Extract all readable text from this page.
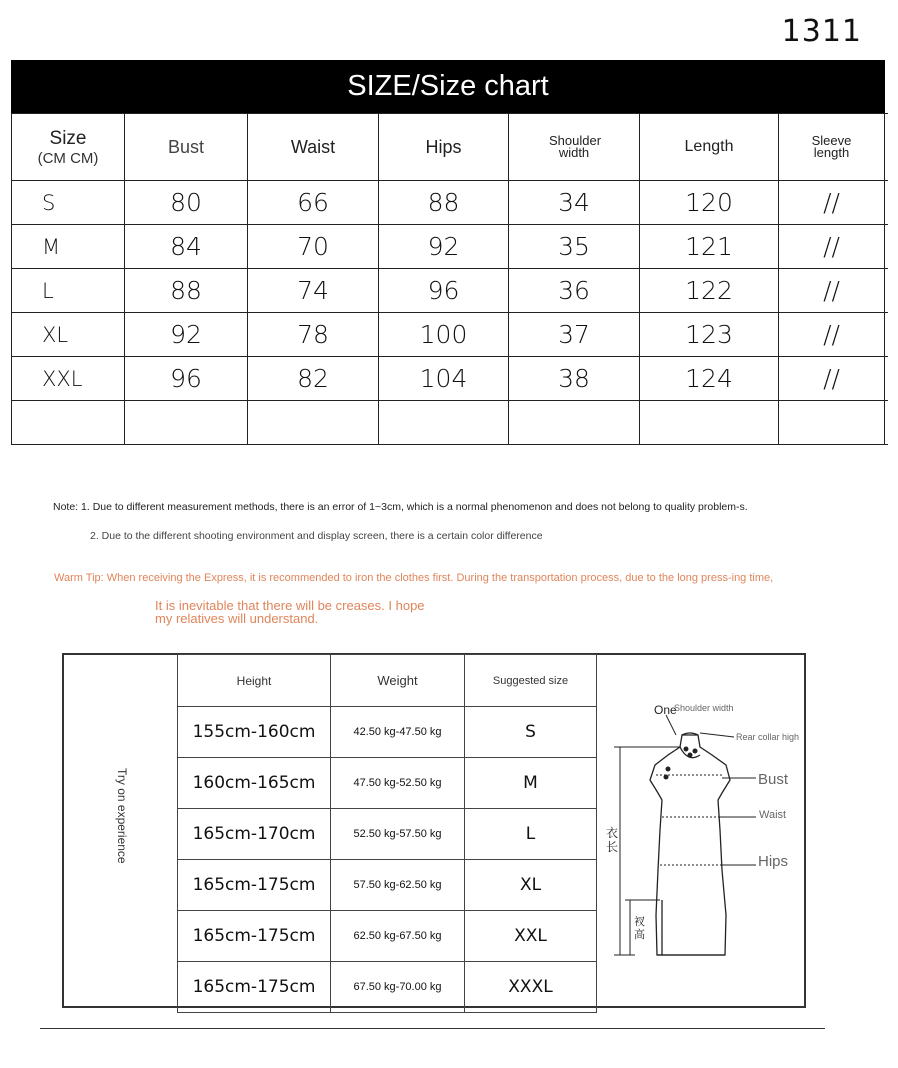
1311
SIZE /Size chart
Size
(CM CM)	Bust	Waist	Hips	Shoulder width	Length	Sleeve length	
S	80	66	88	34	120	//	
M	84	70	92	35	121	//	
L	88	74	96	36	122	//	
XL	92	78	100	37	123	//	
XXL	96	82	104	38	124	//	

Note: 1. Due to different measurement methods, there is an error of 1~3cm, which is a normal phenomenon and does not belong to quality problem-s.
2. Due to the different shooting environment and display screen, there is a certain color difference
Warm Tip: When receiving the Express, it is recommended to iron the clothes first. During the transportation process, due to the long press-ing time,
It is inevitable that there will be creases. I hope my relatives will understand.
Try on experience
Height	Weight	Suggested size
155cm-160cm	42.50 kg-47.50 kg	S
160cm-165cm	47.50 kg-52.50 kg	M
165cm-170cm	52.50 kg-57.50 kg	L
165cm-175cm	57.50 kg-62.50 kg	XL
165cm-175cm	62.50 kg-67.50 kg	XXL
165cm-175cm	67.50 kg-70.00 kg	XXXL
One
Shoulder width
Rear collar high
Bust
Waist
Hips
衣长
衩高
